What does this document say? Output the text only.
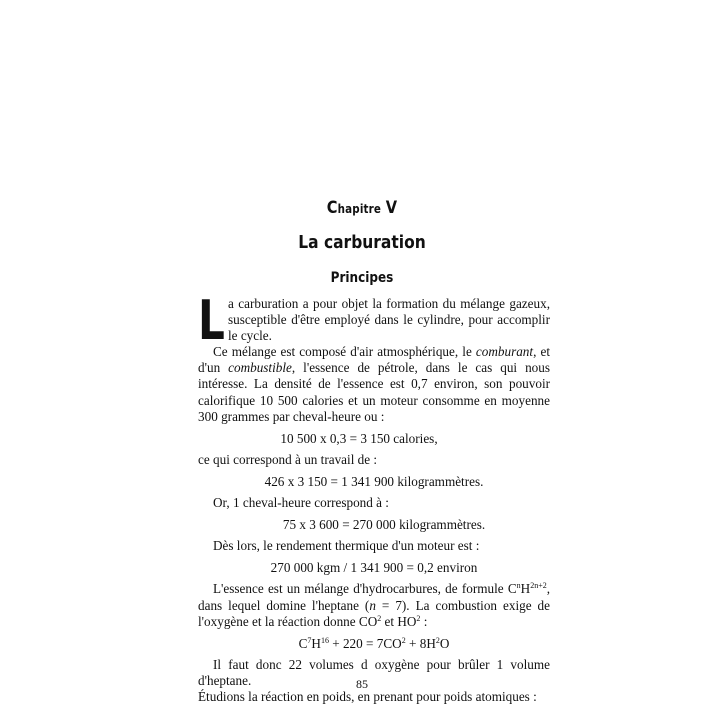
Chapitre V
La carburation
Principes
L a carburation a pour objet la formation du mélange gazeux, susceptible d'être employé dans le cylindre, pour accomplir le cycle.

Ce mélange est composé d'air atmosphérique, le comburant, et d'un combustible, l'essence de pétrole, dans le cas qui nous intéresse. La densité de l'essence est 0,7 environ, son pouvoir calorifique 10 500 calories et un moteur consomme en moyenne 300 grammes par cheval-heure ou :

10 500 x 0,3 = 3 150 calories,

ce qui correspond à un travail de :

426 x 3 150 = 1 341 900 kilogrammètres.

Or, 1 cheval-heure correspond à :

75 x 3 600 = 270 000 kilogrammètres.

Dès lors, le rendement thermique d'un moteur est :

270 000 kgm / 1 341 900 = 0,2 environ

L'essence est un mélange d'hydrocarbures, de formule $C^nH^{2n+2}$, dans lequel domine l'heptane (n = 7). La combustion exige de l'oxygène et la réaction donne $CO^2$ et $HO^2$ :

$C^7H^{16} + 220 = 7CO^2 + 8H^2O$

Il faut donc 22 volumes d oxygène pour brûler 1 volume d'heptane.

Étudions la réaction en poids, en prenant pour poids atomiques :

85
